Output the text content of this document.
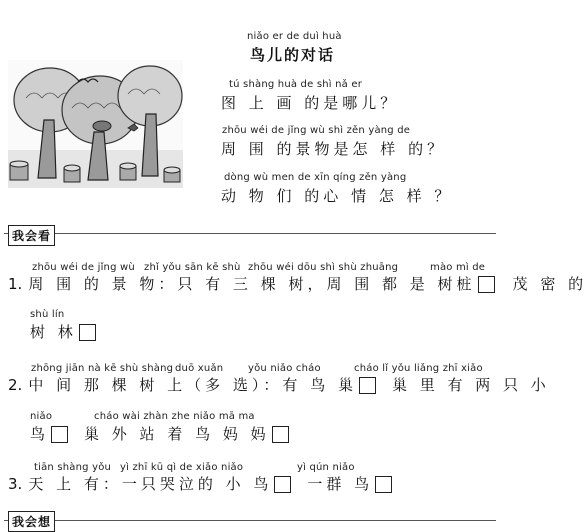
niǎo er de duì huà
鸟儿的对话
tú shàng huà de shì nǎ er
图 上 画 的是哪儿？
zhōu wéi de jǐng wù shì zěn yàng de
周 围 的景物是怎 样 的？
dòng wù men de xīn qíng zěn yàng
动 物 们 的心 情 怎 样 ？
我会看
zhōu wéi de jǐng wù zhǐ yǒu sān kē shù zhōu wéi dōu shì shù zhuāng	mào mì de
1. 周 围 的 景 物：只 有 三 棵 树，周 围 都 是 树桩 茂 密 的
shù lín
树 林
zhōng jiān nà kē shù shàng duō xuǎn yǒu niǎo cháo	cháo lǐ yǒu liǎng zhī xiǎo
2. 中 间 那 棵 树 上（多 选）：有 鸟 巢 巢 里 有 两 只 小
niǎo	cháo wài zhàn zhe niǎo mā ma
鸟 巢 外 站 着 鸟 妈 妈
tiān shàng yǒu yì zhī kū qì de xiǎo niǎo	yì qún niǎo
3. 天 上 有：一只哭泣的 小 鸟 一群 鸟
我会想
